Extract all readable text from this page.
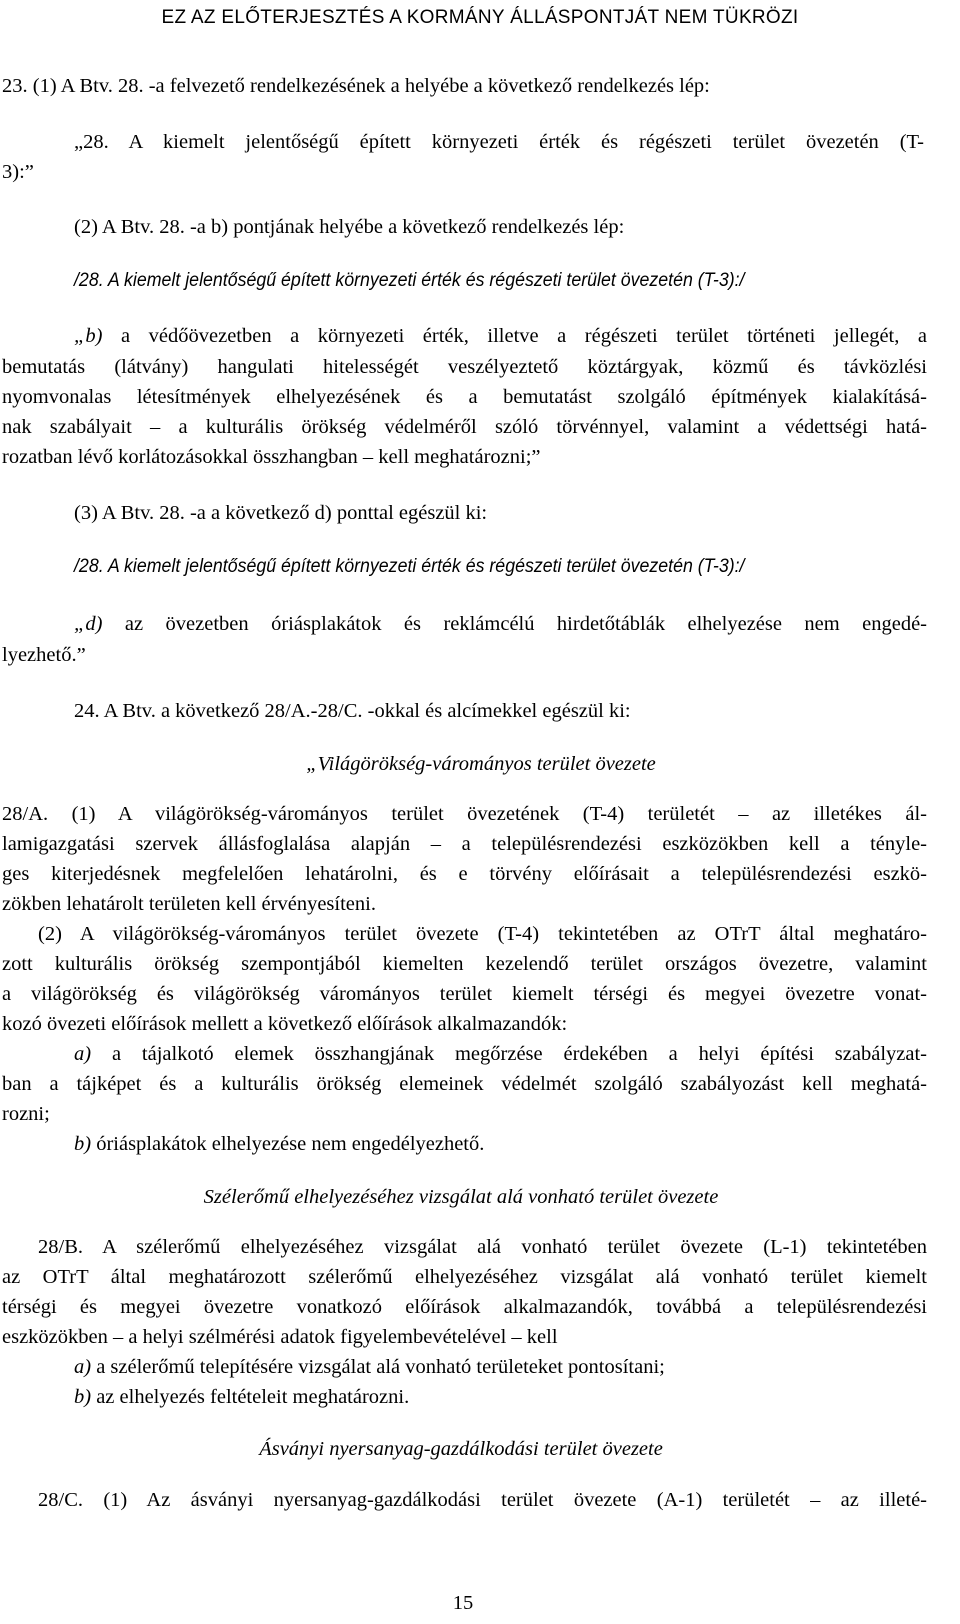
EZ AZ ELŐTERJESZTÉS A KORMÁNY ÁLLÁSPONTJÁT NEM TÜKRÖZI
23. (1) A Btv. 28. -a felvezető rendelkezésének a helyébe a következő rendelkezés lép:
„28. A kiemelt jelentőségű épített környezeti érték és régészeti terület övezetén (T-
3):”
(2) A Btv. 28. -a b) pontjának helyébe a következő rendelkezés lép:
/28. A kiemelt jelentőségű épített környezeti érték és régészeti terület övezetén (T-3):/
„b) a védőövezetben a környezeti érték, illetve a régészeti terület történeti jellegét, a
bemutatás (látvány) hangulati hitelességét veszélyeztető köztárgyak, közmű és távközlési
nyomvonalas létesítmények elhelyezésének és a bemutatást szolgáló építmények kialakításá-
nak szabályait – a kulturális örökség védelméről szóló törvénnyel, valamint a védettségi hatá-
rozatban lévő korlátozásokkal összhangban – kell meghatározni;”
(3) A Btv. 28. -a a következő d) ponttal egészül ki:
/28. A kiemelt jelentőségű épített környezeti érték és régészeti terület övezetén (T-3):/
„d) az övezetben óriásplakátok és reklámcélú hirdetőtáblák elhelyezése nem engedé-
lyezhető.”
24. A Btv. a következő 28/A.-28/C. -okkal és alcímekkel egészül ki:
„Világörökség-várományos terület övezete
28/A. (1) A világörökség-várományos terület övezetének (T-4) területét – az illetékes ál-
lamigazgatási szervek állásfoglalása alapján – a településrendezési eszközökben kell a tényle-
ges kiterjedésnek megfelelően lehatárolni, és e törvény előírásait a településrendezési eszkö-
zökben lehatárolt területen kell érvényesíteni.
(2) A világörökség-várományos terület övezete (T-4) tekintetében az OTrT által meghatáro-
zott kulturális örökség szempontjából kiemelten kezelendő terület országos övezetre, valamint
a világörökség és világörökség várományos terület kiemelt térségi és megyei övezetre vonat-
kozó övezeti előírások mellett a következő előírások alkalmazandók:
a) a tájalkotó elemek összhangjának megőrzése érdekében a helyi építési szabályzat-
ban a tájképet és a kulturális örökség elemeinek védelmét szolgáló szabályozást kell meghatá-
rozni;
b) óriásplakátok elhelyezése nem engedélyezhető.
Szélerőmű elhelyezéséhez vizsgálat alá vonható terület övezete
28/B. A szélerőmű elhelyezéséhez vizsgálat alá vonható terület övezete (L-1) tekintetében
az OTrT által meghatározott szélerőmű elhelyezéséhez vizsgálat alá vonható terület kiemelt
térségi és megyei övezetre vonatkozó előírások alkalmazandók, továbbá a településrendezési
eszközökben – a helyi szélmérési adatok figyelembevételével – kell
a) a szélerőmű telepítésére vizsgálat alá vonható területeket pontosítani;
b) az elhelyezés feltételeit meghatározni.
Ásványi nyersanyag-gazdálkodási terület övezete
28/C. (1) Az ásványi nyersanyag-gazdálkodási terület övezete (A-1) területét – az illeté-
15
